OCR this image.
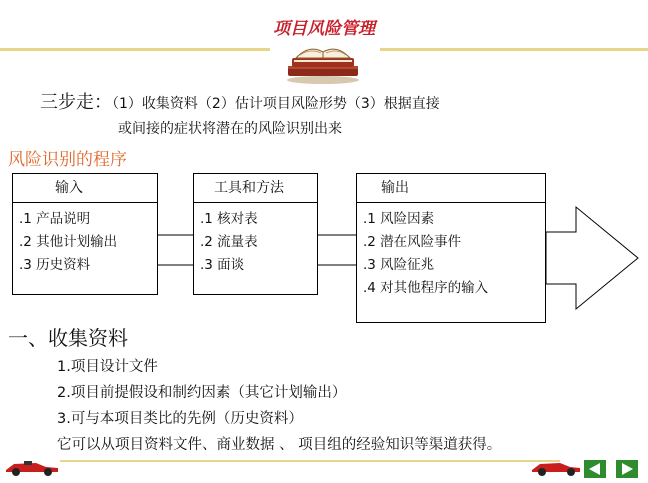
项目风险管理
三步走：（1）收集资料（2）估计项目风险形势（3）根据直接
或间接的症状将潜在的风险识别出来
风险识别的程序
输入
.1 产品说明
.2 其他计划输出
.3 历史资料
工具和方法
.1 核对表
.2 流量表
.3 面谈
输出
.1 风险因素
.2 潜在风险事件
.3 风险征兆
.4 对其他程序的输入
一、收集资料
1.项目设计文件
2.项目前提假设和制约因素（其它计划输出）
3.可与本项目类比的先例（历史资料）
它可以从项目资料文件、商业数据 、 项目组的经验知识等渠道获得。
